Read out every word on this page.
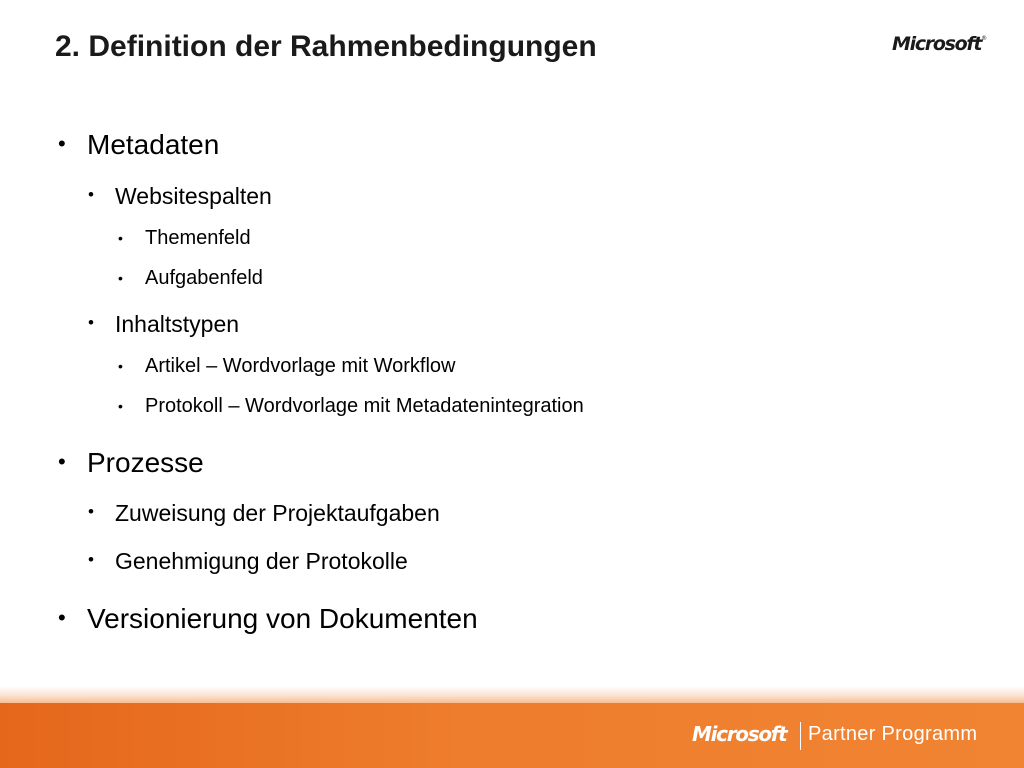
2. Definition der Rahmenbedingungen	Microsoft®
• Metadaten
• Websitespalten
• Themenfeld
• Aufgabenfeld
• Inhaltstypen
• Artikel – Wordvorlage mit Workflow
• Protokoll – Wordvorlage mit Metadatenintegration
• Prozesse
• Zuweisung der Projektaufgaben
• Genehmigung der Protokolle
• Versionierung von Dokumenten
Microsoft Partner Programm
